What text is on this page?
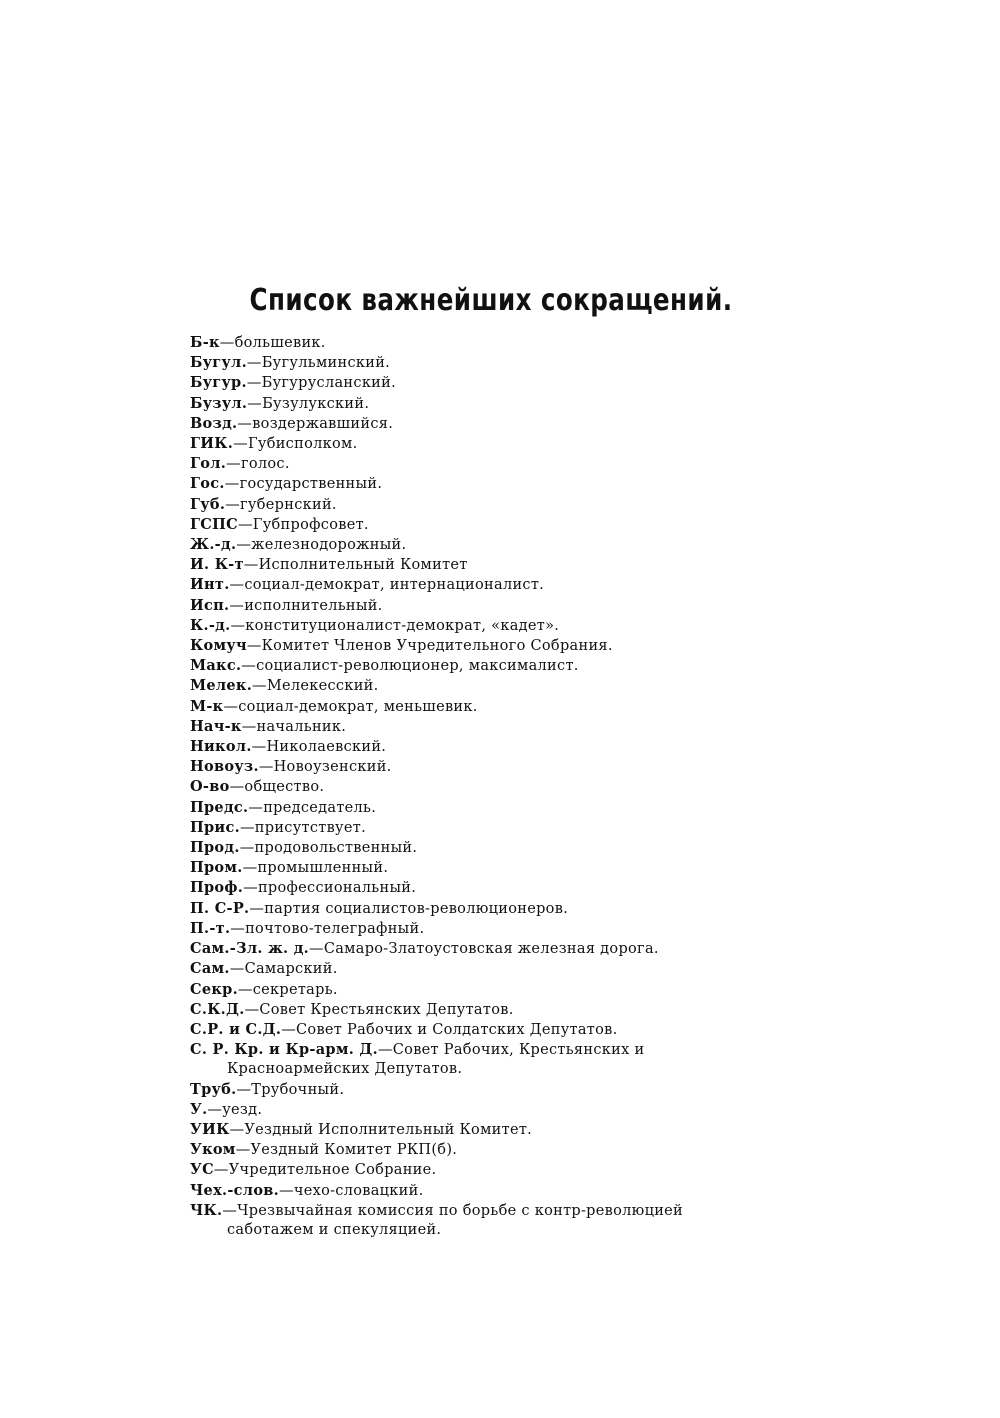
Список важнейших сокращений.
Б-к—большевик.
Бугул.—Бугульминский.
Бугур.—Бугурусланский.
Бузул.—Бузулукский.
Возд.—воздержавшийся.
ГИК.—Губисполком.
Гол.—голос.
Гос.—государственный.
Губ.—губернский.
ГСПС—Губпрофсовет.
Ж.-д.—железнодорожный.
И. К-т—Исполнительный Комитет
Инт.—социал-демократ, интернационалист.
Исп.—исполнительный.
К.-д.—конституционалист-демократ, «кадет».
Комуч—Комитет Членов Учредительного Собрания.
Макс.—социалист-революционер, максималист.
Мелек.—Мелекесский.
М-к—социал-демократ, меньшевик.
Нач-к—начальник.
Никол.—Николаевский.
Новоуз.—Новоузенский.
О-во—общество.
Предс.—председатель.
Прис.—присутствует.
Прод.—продовольственный.
Пром.—промышленный.
Проф.—профессиональный.
П. С-Р.—партия социалистов-революционеров.
П.-т.—почтово-телеграфный.
Сам.-Зл. ж. д.—Самаро-Златоустовская железная дорога.
Сам.—Самарский.
Секр.—секретарь.
С.К.Д.—Совет Крестьянских Депутатов.
С.Р. и С.Д.—Совет Рабочих и Солдатских Депутатов.
С. Р. Кр. и Кр-арм. Д.—Совет Рабочих, Крестьянских и Красноармейских Депутатов.
Труб.—Трубочный.
У.—уезд.
УИК—Уездный Исполнительный Комитет.
Уком—Уездный Комитет РКП(б).
УС—Учредительное Собрание.
Чех.-слов.—чехо-словацкий.
ЧК.—Чрезвычайная комиссия по борьбе с контр-революцией саботажем и спекуляцией.
